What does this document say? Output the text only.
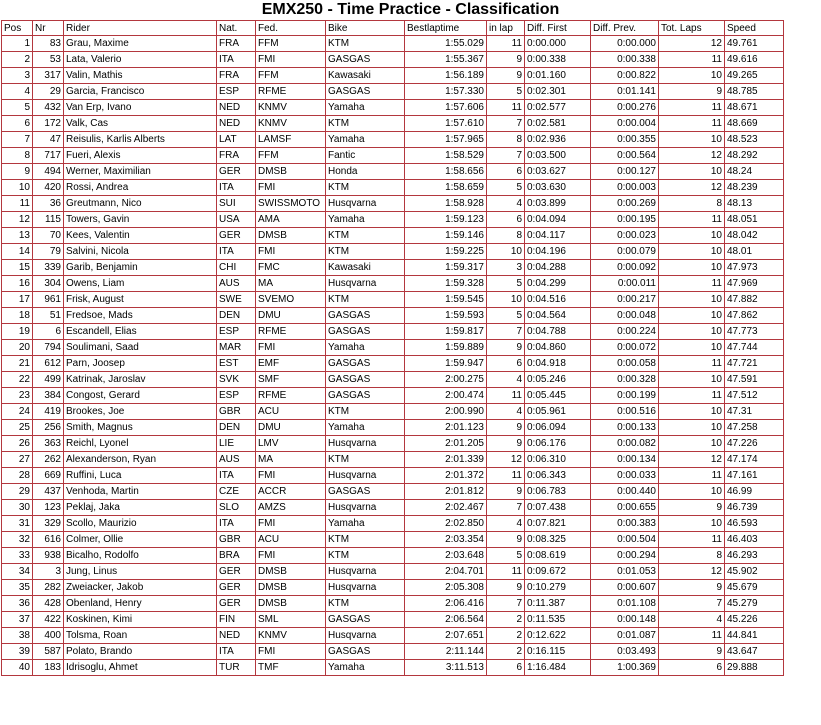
EMX250 - Time Practice - Classification
Pos	Nr	Rider	Nat.	Fed.	Bike	Bestlaptime	in lap	Diff. First	Diff. Prev.	Tot. Laps	Speed
1	83	Grau, Maxime	FRA	FFM	KTM	1:55.029	11	0:00.000	0:00.000	12	49.761
2	53	Lata, Valerio	ITA	FMI	GASGAS	1:55.367	9	0:00.338	0:00.338	11	49.616
3	317	Valin, Mathis	FRA	FFM	Kawasaki	1:56.189	9	0:01.160	0:00.822	10	49.265
4	29	Garcia, Francisco	ESP	RFME	GASGAS	1:57.330	5	0:02.301	0:01.141	9	48.785
5	432	Van Erp, Ivano	NED	KNMV	Yamaha	1:57.606	11	0:02.577	0:00.276	11	48.671
6	172	Valk, Cas	NED	KNMV	KTM	1:57.610	7	0:02.581	0:00.004	11	48.669
7	47	Reisulis, Karlis Alberts	LAT	LAMSF	Yamaha	1:57.965	8	0:02.936	0:00.355	10	48.523
8	717	Fueri, Alexis	FRA	FFM	Fantic	1:58.529	7	0:03.500	0:00.564	12	48.292
9	494	Werner, Maximilian	GER	DMSB	Honda	1:58.656	6	0:03.627	0:00.127	10	48.24
10	420	Rossi, Andrea	ITA	FMI	KTM	1:58.659	5	0:03.630	0:00.003	12	48.239
11	36	Greutmann, Nico	SUI	SWISSMOTO	Husqvarna	1:58.928	4	0:03.899	0:00.269	8	48.13
12	115	Towers, Gavin	USA	AMA	Yamaha	1:59.123	6	0:04.094	0:00.195	11	48.051
13	70	Kees, Valentin	GER	DMSB	KTM	1:59.146	8	0:04.117	0:00.023	10	48.042
14	79	Salvini, Nicola	ITA	FMI	KTM	1:59.225	10	0:04.196	0:00.079	10	48.01
15	339	Garib, Benjamin	CHI	FMC	Kawasaki	1:59.317	3	0:04.288	0:00.092	10	47.973
16	304	Owens, Liam	AUS	MA	Husqvarna	1:59.328	5	0:04.299	0:00.011	11	47.969
17	961	Frisk, August	SWE	SVEMO	KTM	1:59.545	10	0:04.516	0:00.217	10	47.882
18	51	Fredsoe, Mads	DEN	DMU	GASGAS	1:59.593	5	0:04.564	0:00.048	10	47.862
19	6	Escandell, Elias	ESP	RFME	GASGAS	1:59.817	7	0:04.788	0:00.224	10	47.773
20	794	Soulimani, Saad	MAR	FMI	Yamaha	1:59.889	9	0:04.860	0:00.072	10	47.744
21	612	Parn, Joosep	EST	EMF	GASGAS	1:59.947	6	0:04.918	0:00.058	11	47.721
22	499	Katrinak, Jaroslav	SVK	SMF	GASGAS	2:00.275	4	0:05.246	0:00.328	10	47.591
23	384	Congost, Gerard	ESP	RFME	GASGAS	2:00.474	11	0:05.445	0:00.199	11	47.512
24	419	Brookes, Joe	GBR	ACU	KTM	2:00.990	4	0:05.961	0:00.516	10	47.31
25	256	Smith, Magnus	DEN	DMU	Yamaha	2:01.123	9	0:06.094	0:00.133	10	47.258
26	363	Reichl, Lyonel	LIE	LMV	Husqvarna	2:01.205	9	0:06.176	0:00.082	10	47.226
27	262	Alexanderson, Ryan	AUS	MA	KTM	2:01.339	12	0:06.310	0:00.134	12	47.174
28	669	Ruffini, Luca	ITA	FMI	Husqvarna	2:01.372	11	0:06.343	0:00.033	11	47.161
29	437	Venhoda, Martin	CZE	ACCR	GASGAS	2:01.812	9	0:06.783	0:00.440	10	46.99
30	123	Peklaj, Jaka	SLO	AMZS	Husqvarna	2:02.467	7	0:07.438	0:00.655	9	46.739
31	329	Scollo, Maurizio	ITA	FMI	Yamaha	2:02.850	4	0:07.821	0:00.383	10	46.593
32	616	Colmer, Ollie	GBR	ACU	KTM	2:03.354	9	0:08.325	0:00.504	11	46.403
33	938	Bicalho, Rodolfo	BRA	FMI	KTM	2:03.648	5	0:08.619	0:00.294	8	46.293
34	3	Jung, Linus	GER	DMSB	Husqvarna	2:04.701	11	0:09.672	0:01.053	12	45.902
35	282	Zweiacker, Jakob	GER	DMSB	Husqvarna	2:05.308	9	0:10.279	0:00.607	9	45.679
36	428	Obenland, Henry	GER	DMSB	KTM	2:06.416	7	0:11.387	0:01.108	7	45.279
37	422	Koskinen, Kimi	FIN	SML	GASGAS	2:06.564	2	0:11.535	0:00.148	4	45.226
38	400	Tolsma, Roan	NED	KNMV	Husqvarna	2:07.651	2	0:12.622	0:01.087	11	44.841
39	587	Polato, Brando	ITA	FMI	GASGAS	2:11.144	2	0:16.115	0:03.493	9	43.647
40	183	Idrisoglu, Ahmet	TUR	TMF	Yamaha	3:11.513	6	1:16.484	1:00.369	6	29.888
